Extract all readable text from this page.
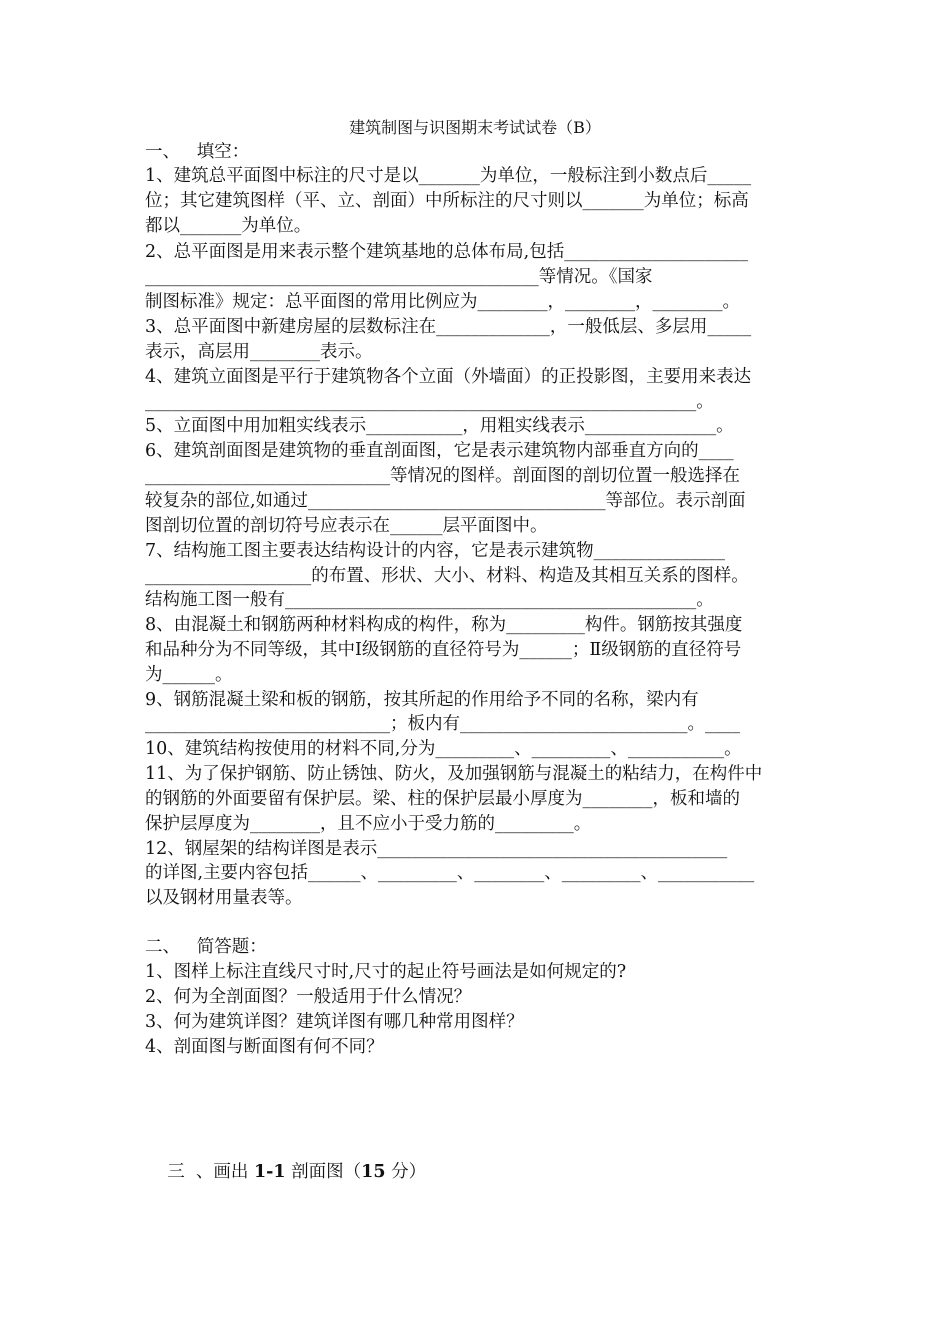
建筑制图与识图期末考试试卷（B）
一、   填空：
1、建筑总平面图中标注的尺寸是以_______为单位，一般标注到小数点后_____
位；其它建筑图样（平、立、剖面）中所标注的尺寸则以_______为单位；标高
都以_______为单位。
2、总平面图是用来表示整个建筑基地的总体布局,包括_____________________
_____________________________________________等情况。《国家
制图标准》规定：总平面图的常用比例应为________，________，________。
3、总平面图中新建房屋的层数标注在_____________，一般低层、多层用_____
表示，高层用________表示。
4、建筑立面图是平行于建筑物各个立面（外墙面）的正投影图，主要用来表达
_______________________________________________________________。
5、立面图中用加粗实线表示___________，用粗实线表示_______________。
6、建筑剖面图是建筑物的垂直剖面图，它是表示建筑物内部垂直方向的____
____________________________等情况的图样。剖面图的剖切位置一般选择在
较复杂的部位,如通过__________________________________等部位。表示剖面
图剖切位置的剖切符号应表示在______层平面图中。
7、结构施工图主要表达结构设计的内容，它是表示建筑物_______________
___________________的布置、形状、大小、材料、构造及其相互关系的图样。
结构施工图一般有_______________________________________________。
8、由混凝土和钢筋两种材料构成的构件，称为_________构件。钢筋按其强度
和品种分为不同等级，其中Ⅰ级钢筋的直径符号为______；Ⅱ级钢筋的直径符号
为______。
9、钢筋混凝土梁和板的钢筋，按其所起的作用给予不同的名称，梁内有
____________________________；板内有__________________________。____
10、建筑结构按使用的材料不同,分为_________、_________、___________。
11、为了保护钢筋、防止锈蚀、防火，及加强钢筋与混凝土的粘结力，在构件中
的钢筋的外面要留有保护层。梁、柱的保护层最小厚度为________，板和墙的
保护层厚度为________，且不应小于受力筋的_________。
12、钢屋架的结构详图是表示________________________________________
的详图,主要内容包括______、_________、________、_________、___________
以及钢材用量表等。
二、   简答题：
1、图样上标注直线尺寸时,尺寸的起止符号画法是如何规定的?
2、何为全剖面图？一般适用于什么情况？
3、何为建筑详图？建筑详图有哪几种常用图样？
4、剖面图与断面图有何不同？

三  、画出 1-1 剖面图（15 分）
